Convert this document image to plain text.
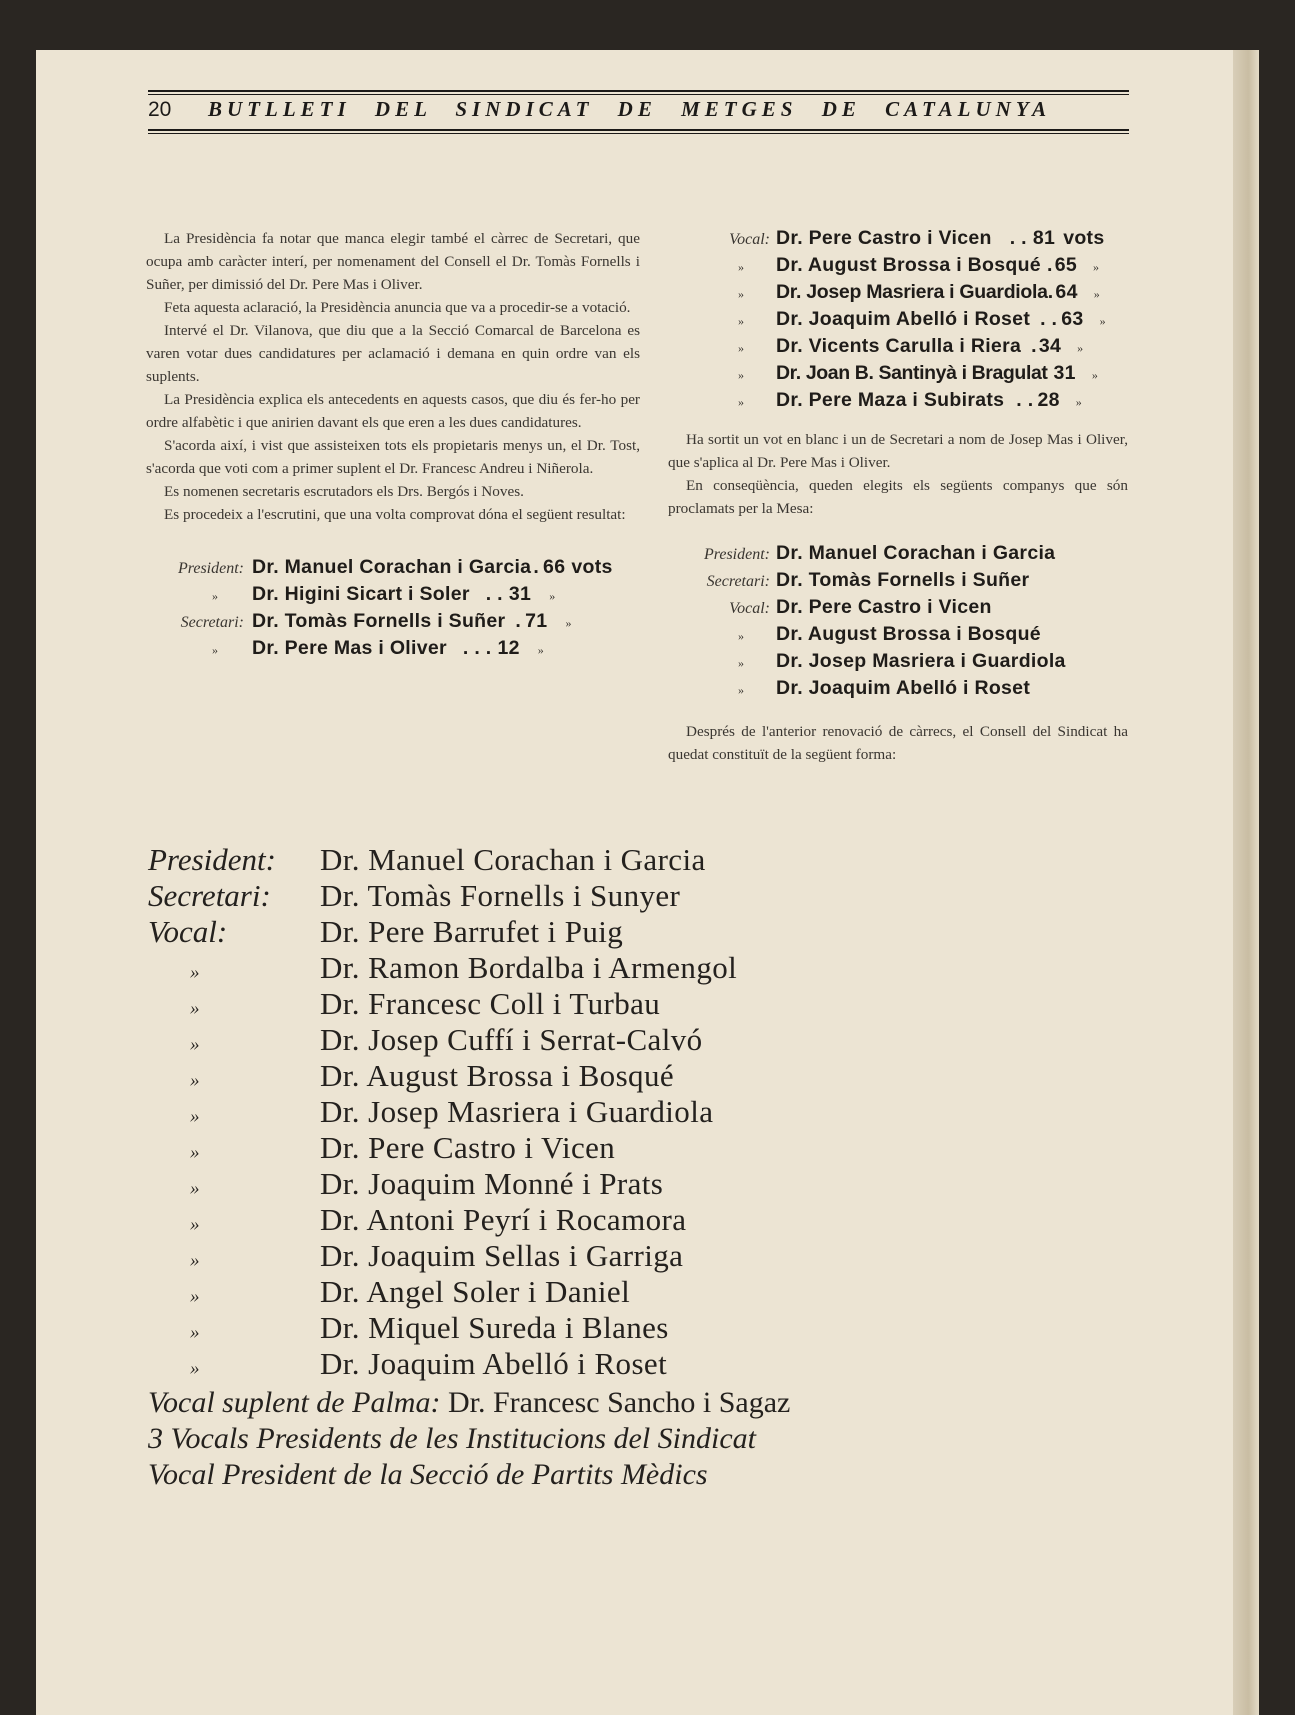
20	BUTLLETI DEL SINDICAT DE METGES DE CATALUNYA

La Presidència fa notar que manca elegir també el càrrec de Secretari, que ocupa amb caràcter interí, per nomenament del Consell el Dr. Tomàs Fornells i Suñer, per dimissió del Dr. Pere Mas i Oliver.

Feta aquesta aclaració, la Presidència anuncia que va a procedir-se a votació.

Intervé el Dr. Vilanova, que diu que a la Secció Comarcal de Barcelona es varen votar dues candidatures per aclamació i demana en quin ordre van els suplents.

La Presidència explica els antecedents en aquests casos, que diu és fer-ho per ordre alfabètic i que anirien davant els que eren a les dues candidatures.

S'acorda així, i vist que assisteixen tots els propietaris menys un, el Dr. Tost, s'acorda que voti com a primer suplent el Dr. Francesc Andreu i Niñerola.

Es nomenen secretaris escrutadors els Drs. Bergós i Noves.

Es procedeix a l'escrutini, que una volta comprovat dóna el següent resultat:

President: Dr. Manuel Corachan i Garcia . 66 vots
»	Dr. Higini Sicart i Soler . . 31 »
Secretari: Dr. Tomàs Fornells i Suñer . 71 »
»	Dr. Pere Mas i Oliver . . . 12 »
Vocal: Dr. Pere Castro i Vicen . . 81 vots
»	Dr. August Brossa i Bosqué . 65 »
»	Dr. Josep Masriera i Guardiola . 64 »
»	Dr. Joaquim Abelló i Roset . . 63 »
»	Dr. Vicents Carulla i Riera . 34 »
»	Dr. Joan B. Santinyà i Bragulat 31 »
»	Dr. Pere Maza i Subirats . . 28 »

Ha sortit un vot en blanc i un de Secretari a nom de Josep Mas i Oliver, que s'aplica al Dr. Pere Mas i Oliver.

En conseqüència, queden elegits els següents companys que són proclamats per la Mesa:

President: Dr. Manuel Corachan i Garcia
Secretari: Dr. Tomàs Fornells i Suñer
Vocal: Dr. Pere Castro i Vicen
»	Dr. August Brossa i Bosqué
»	Dr. Josep Masriera i Guardiola
»	Dr. Joaquim Abelló i Roset

Després de l'anterior renovació de càrrecs, el Consell del Sindicat ha quedat constituït de la següent forma:

President:	Dr. Manuel Corachan i Garcia
Secretari:	Dr. Tomàs Fornells i Sunyer
Vocal:	Dr. Pere Barrufet i Puig
»	Dr. Ramon Bordalba i Armengol
»	Dr. Francesc Coll i Turbau
»	Dr. Josep Cuffí i Serrat-Calvó
»	Dr. August Brossa i Bosqué
»	Dr. Josep Masriera i Guardiola
»	Dr. Pere Castro i Vicen
»	Dr. Joaquim Monné i Prats
»	Dr. Antoni Peyrí i Rocamora
»	Dr. Joaquim Sellas i Garriga
»	Dr. Angel Soler i Daniel
»	Dr. Miquel Sureda i Blanes
»	Dr. Joaquim Abelló i Roset
Vocal suplent de Palma: Dr. Francesc Sancho i Sagaz
3 Vocals Presidents de les Institucions del Sindicat
Vocal President de la Secció de Partits Mèdics
